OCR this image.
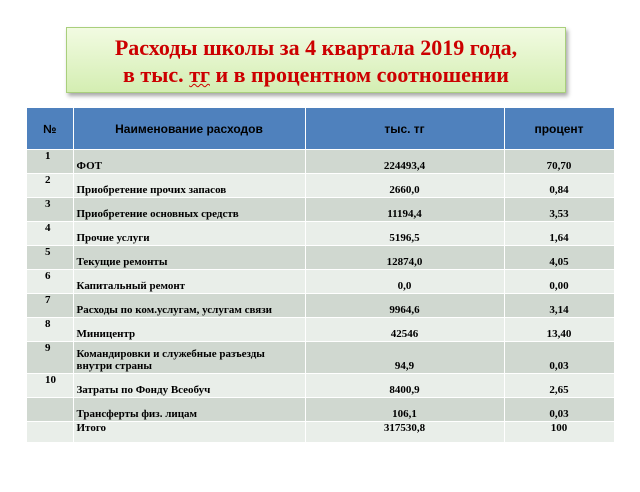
Расходы школы за 4 квартала 2019 года,
в тыс. тг и в процентном соотношении
№	Наименование расходов	тыс. тг	процент
1	ФОТ	224493,4	70,70
2	Приобретение прочих запасов	2660,0	0,84
3	Приобретение основных средств	11194,4	3,53
4	Прочие услуги	5196,5	1,64
5	Текущие ремонты	12874,0	4,05
6	Капитальный ремонт	0,0	0,00
7	Расходы по ком.услугам, услугам связи	9964,6	3,14
8	Миницентр	42546	13,40
9	Командировки и служебные разъезды внутри страны	94,9	0,03
10	Затраты по Фонду Всеобуч	8400,9	2,65
	Трансферты физ. лицам	106,1	0,03
	Итого	317530,8	100
